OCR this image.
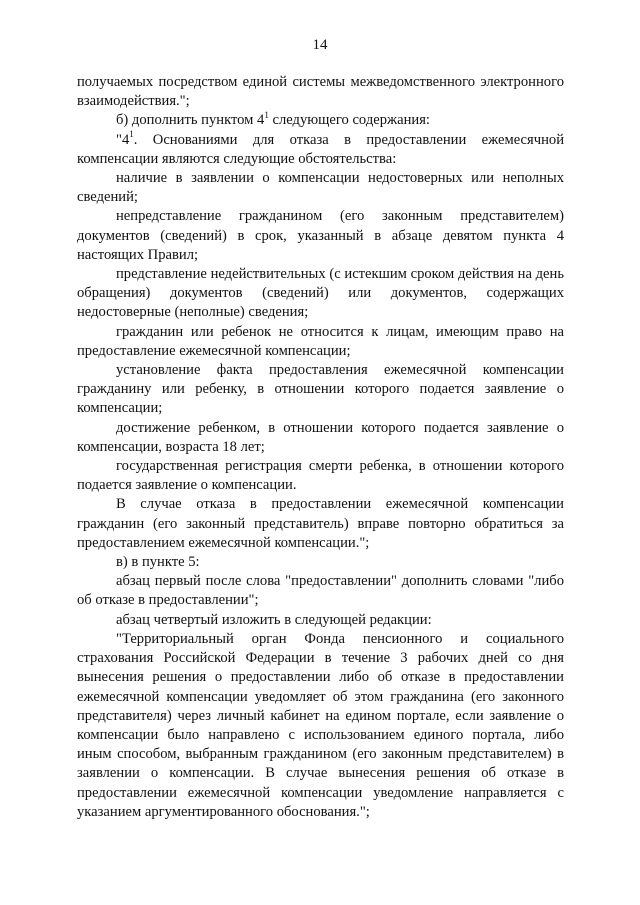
14

получаемых посредством единой системы межведомственного электронного взаимодействия.";

б) дополнить пунктом $4^1$ следующего содержания:

"$4^1$. Основаниями для отказа в предоставлении ежемесячной компенсации являются следующие обстоятельства:

наличие в заявлении о компенсации недостоверных или неполных сведений;

непредставление гражданином (его законным представителем) документов (сведений) в срок, указанный в абзаце девятом пункта 4 настоящих Правил;

представление недействительных (с истекшим сроком действия на день обращения) документов (сведений) или документов, содержащих недостоверные (неполные) сведения;

гражданин или ребенок не относится к лицам, имеющим право на предоставление ежемесячной компенсации;

установление факта предоставления ежемесячной компенсации гражданину или ребенку, в отношении которого подается заявление о компенсации;

достижение ребенком, в отношении которого подается заявление о компенсации, возраста 18 лет;

государственная регистрация смерти ребенка, в отношении которого подается заявление о компенсации.

В случае отказа в предоставлении ежемесячной компенсации гражданин (его законный представитель) вправе повторно обратиться за предоставлением ежемесячной компенсации.";

в) в пункте 5:

абзац первый после слова "предоставлении" дополнить словами "либо об отказе в предоставлении";

абзац четвертый изложить в следующей редакции:

"Территориальный орган Фонда пенсионного и социального страхования Российской Федерации в течение 3 рабочих дней со дня вынесения решения о предоставлении либо об отказе в предоставлении ежемесячной компенсации уведомляет об этом гражданина (его законного представителя) через личный кабинет на едином портале, если заявление о компенсации было направлено с использованием единого портала, либо иным способом, выбранным гражданином (его законным представителем) в заявлении о компенсации. В случае вынесения решения об отказе в предоставлении ежемесячной компенсации уведомление направляется с указанием аргументированного обоснования.";
